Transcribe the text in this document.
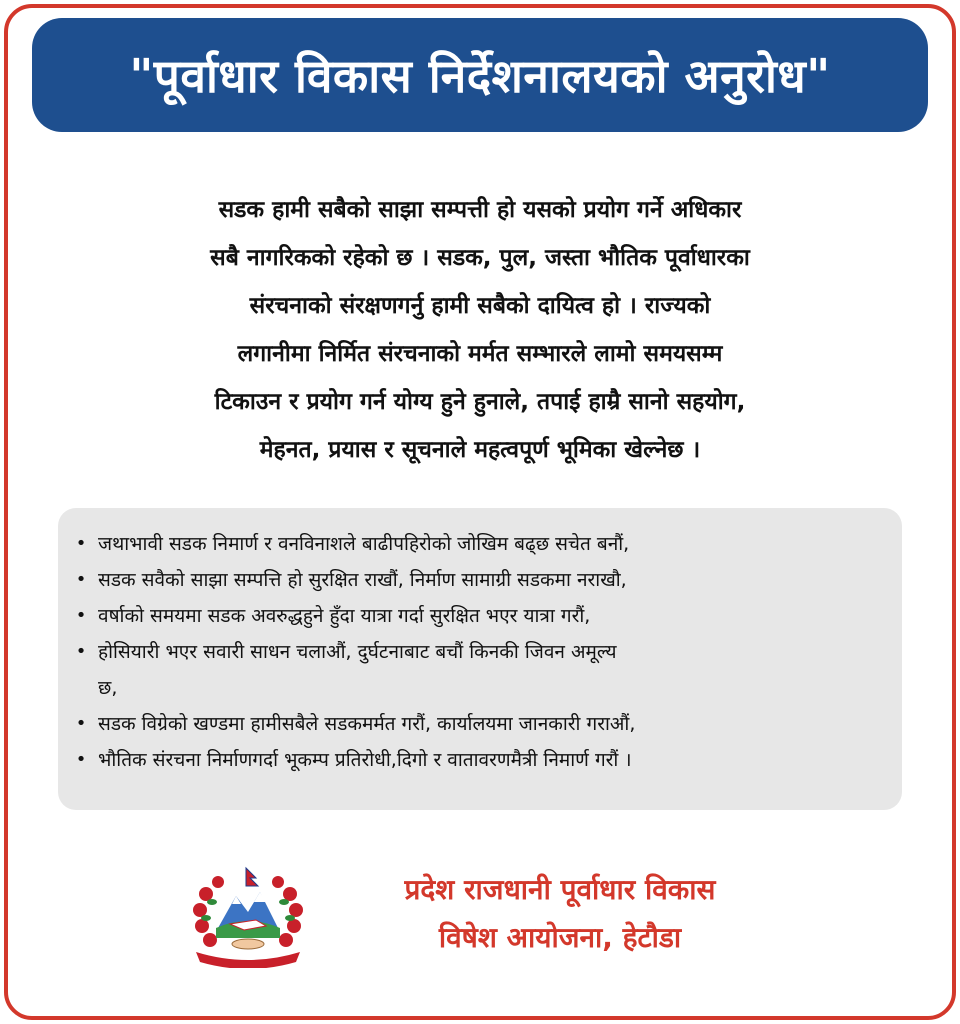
"पूर्वाधार विकास निर्देशनालयको अनुरोध"
सडक हामी सबैको साझा सम्पत्ती हो यसको प्रयोग गर्ने अधिकार
सबै नागरिकको रहेको छ । सडक, पुल, जस्ता भौतिक पूर्वाधारका
संरचनाको संरक्षणगर्नु हामी सबैको दायित्व हो । राज्यको
लगानीमा निर्मित संरचनाको मर्मत सम्भारले लामो समयसम्म
टिकाउन र प्रयोग गर्न योग्य हुने हुनाले, तपाई हाम्रै सानो सहयोग,
मेहनत, प्रयास र सूचनाले महत्वपूर्ण भूमिका खेल्नेछ ।
• जथाभावी सडक निमार्ण र वनविनाशले बाढीपहिरोको जोखिम बढ्छ सचेत बनौं,
• सडक सवैको साझा सम्पत्ति हो सुरक्षित राखौं, निर्माण सामाग्री सडकमा नराखौ,
• वर्षाको समयमा सडक अवरुद्धहुने हुँदा यात्रा गर्दा सुरक्षित भएर यात्रा गरौं,
• होसियारी भएर सवारी साधन चलाऔं, दुर्घटनाबाट बचौं किनकी जिवन अमूल्य
छ,
• सडक विग्रेको खण्डमा हामीसबैले सडकमर्मत गरौं, कार्यालयमा जानकारी गराऔं,
• भौतिक संरचना निर्माणगर्दा भूकम्प प्रतिरोधी,दिगो र वातावरणमैत्री निमार्ण गरौं ।
प्रदेश राजधानी पूर्वाधार विकास
विषेश आयोजना, हेटौडा
